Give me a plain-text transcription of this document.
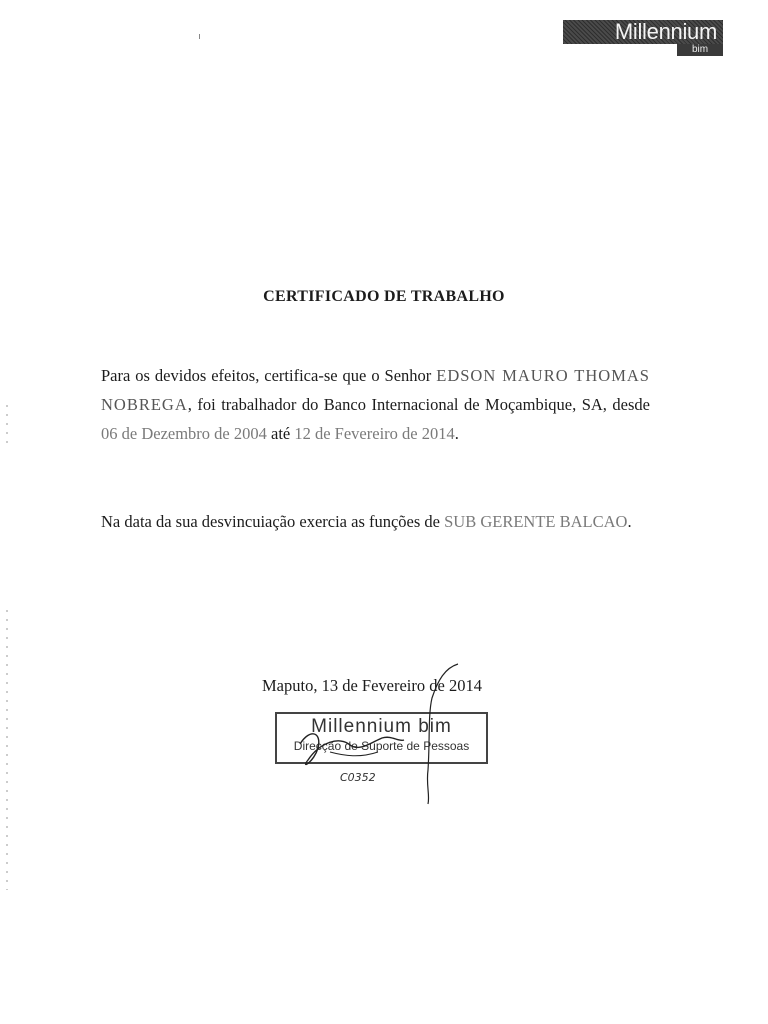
Millennium
bim
CERTIFICADO DE TRABALHO
Para os devidos efeitos, certifica-se que o Senhor EDSON MAURO THOMAS NOBREGA, foi trabalhador do Banco Internacional de Moçambique, SA, desde 06 de Dezembro de 2004 até 12 de Fevereiro de 2014.
Na data da sua desvincuiação exercia as funções de SUB GERENTE BALCAO.
Maputo, 13 de Fevereiro de 2014
Millennium bim
Direcção de Suporte de Pessoas
C0352
